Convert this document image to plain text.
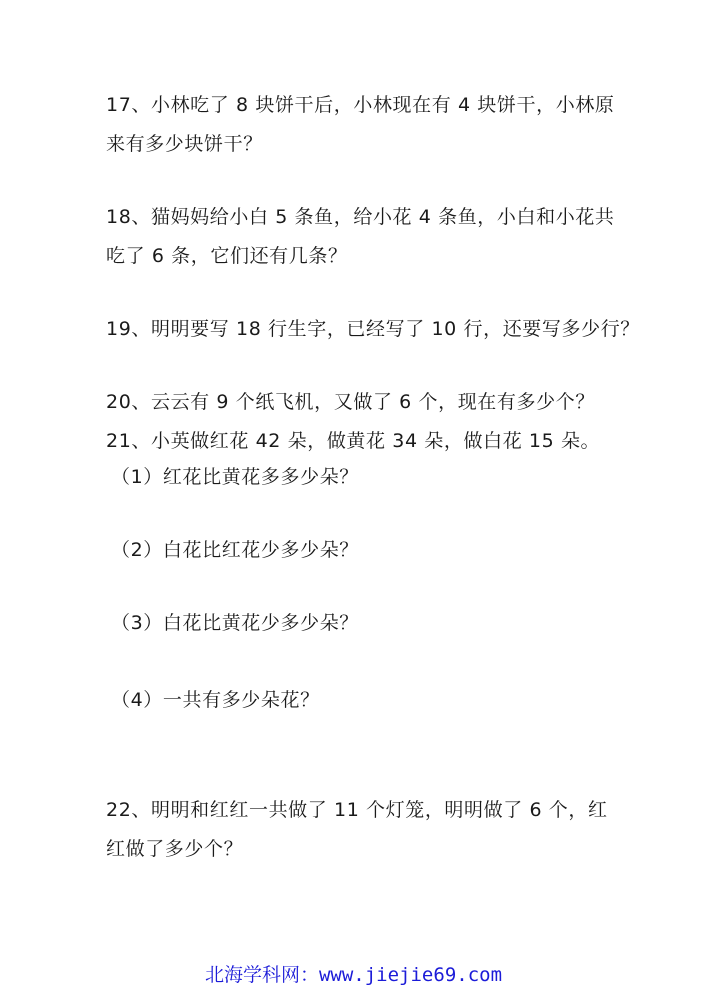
17、小林吃了 8 块饼干后，小林现在有 4 块饼干，小林原
来有多少块饼干？
18、猫妈妈给小白 5 条鱼，给小花 4 条鱼，小白和小花共
吃了 6 条，它们还有几条？
19、明明要写 18 行生字，已经写了 10 行，还要写多少行？
20、云云有 9 个纸飞机，又做了 6 个，现在有多少个？
21、小英做红花 42 朵，做黄花 34 朵，做白花 15 朵。
（1）红花比黄花多多少朵？
（2）白花比红花少多少朵？
（3）白花比黄花少多少朵？
（4）一共有多少朵花？
22、明明和红红一共做了 11 个灯笼，明明做了 6 个，红
红做了多少个？
北海学科网：www.jiejie69.com
